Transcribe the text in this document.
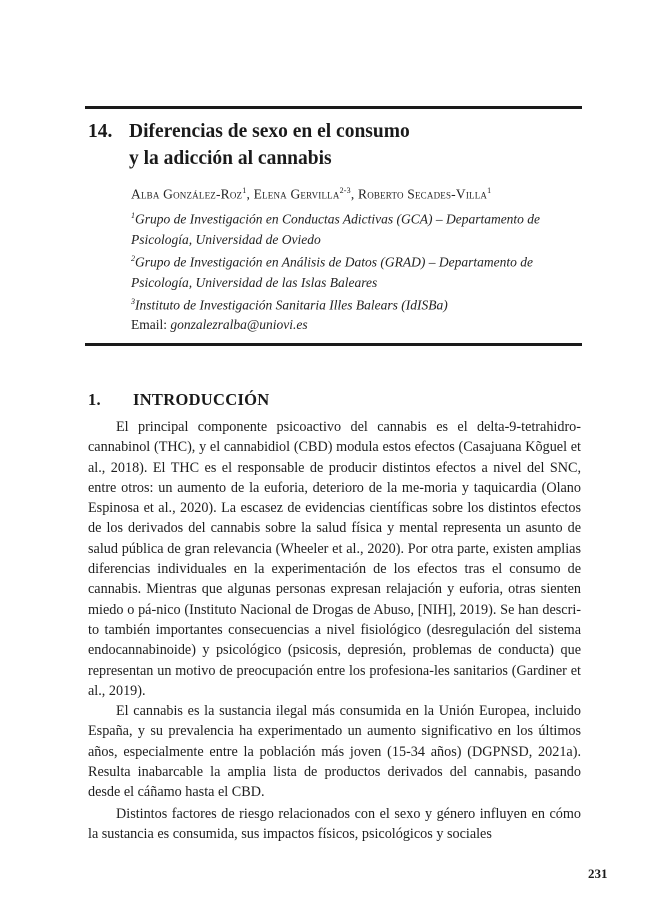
14. Diferencias de sexo en el consumo
y la adicción al cannabis
Alba González-Roz$^1$, Elena Gervilla$^{2-3}$, Roberto Secades-Villa$^1$
$^1$Grupo de Investigación en Conductas Adictivas (GCA) – Departamento de Psicología, Universidad de Oviedo
$^2$Grupo de Investigación en Análisis de Datos (GRAD) – Departamento de Psicología, Universidad de las Islas Baleares
$^3$Instituto de Investigación Sanitaria Illes Balears (IdISBa)
Email: gonzalezralba@uniovi.es
1. INTRODUCCIÓN

El principal componente psicoactivo del cannabis es el delta-9-tetrahidro-cannabinol (THC), y el cannabidiol (CBD) modula estos efectos (Casajuana Kõguel et al., 2018). El THC es el responsable de producir distintos efectos a nivel del SNC, entre otros: un aumento de la euforia, deterioro de la me-moria y taquicardia (Olano Espinosa et al., 2020). La escasez de evidencias científicas sobre los distintos efectos de los derivados del cannabis sobre la salud física y mental representa un asunto de salud pública de gran relevancia (Wheeler et al., 2020). Por otra parte, existen amplias diferencias individuales en la experimentación de los efectos tras el consumo de cannabis. Mientras que algunas personas expresan relajación y euforia, otras sienten miedo o pá-nico (Instituto Nacional de Drogas de Abuso, [NIH], 2019). Se han descri-to también importantes consecuencias a nivel fisiológico (desregulación del sistema endocannabinoide) y psicológico (psicosis, depresión, problemas de conducta) que representan un motivo de preocupación entre los profesiona-les sanitarios (Gardiner et al., 2019).

El cannabis es la sustancia ilegal más consumida en la Unión Europea, incluido España, y su prevalencia ha experimentado un aumento significativo en los últimos años, especialmente entre la población más joven (15-34 años) (DGPNSD, 2021a). Resulta inabarcable la amplia lista de productos derivados del cannabis, pasando desde el cáñamo hasta el CBD.

Distintos factores de riesgo relacionados con el sexo y género influyen en cómo la sustancia es consumida, sus impactos físicos, psicológicos y sociales

231
